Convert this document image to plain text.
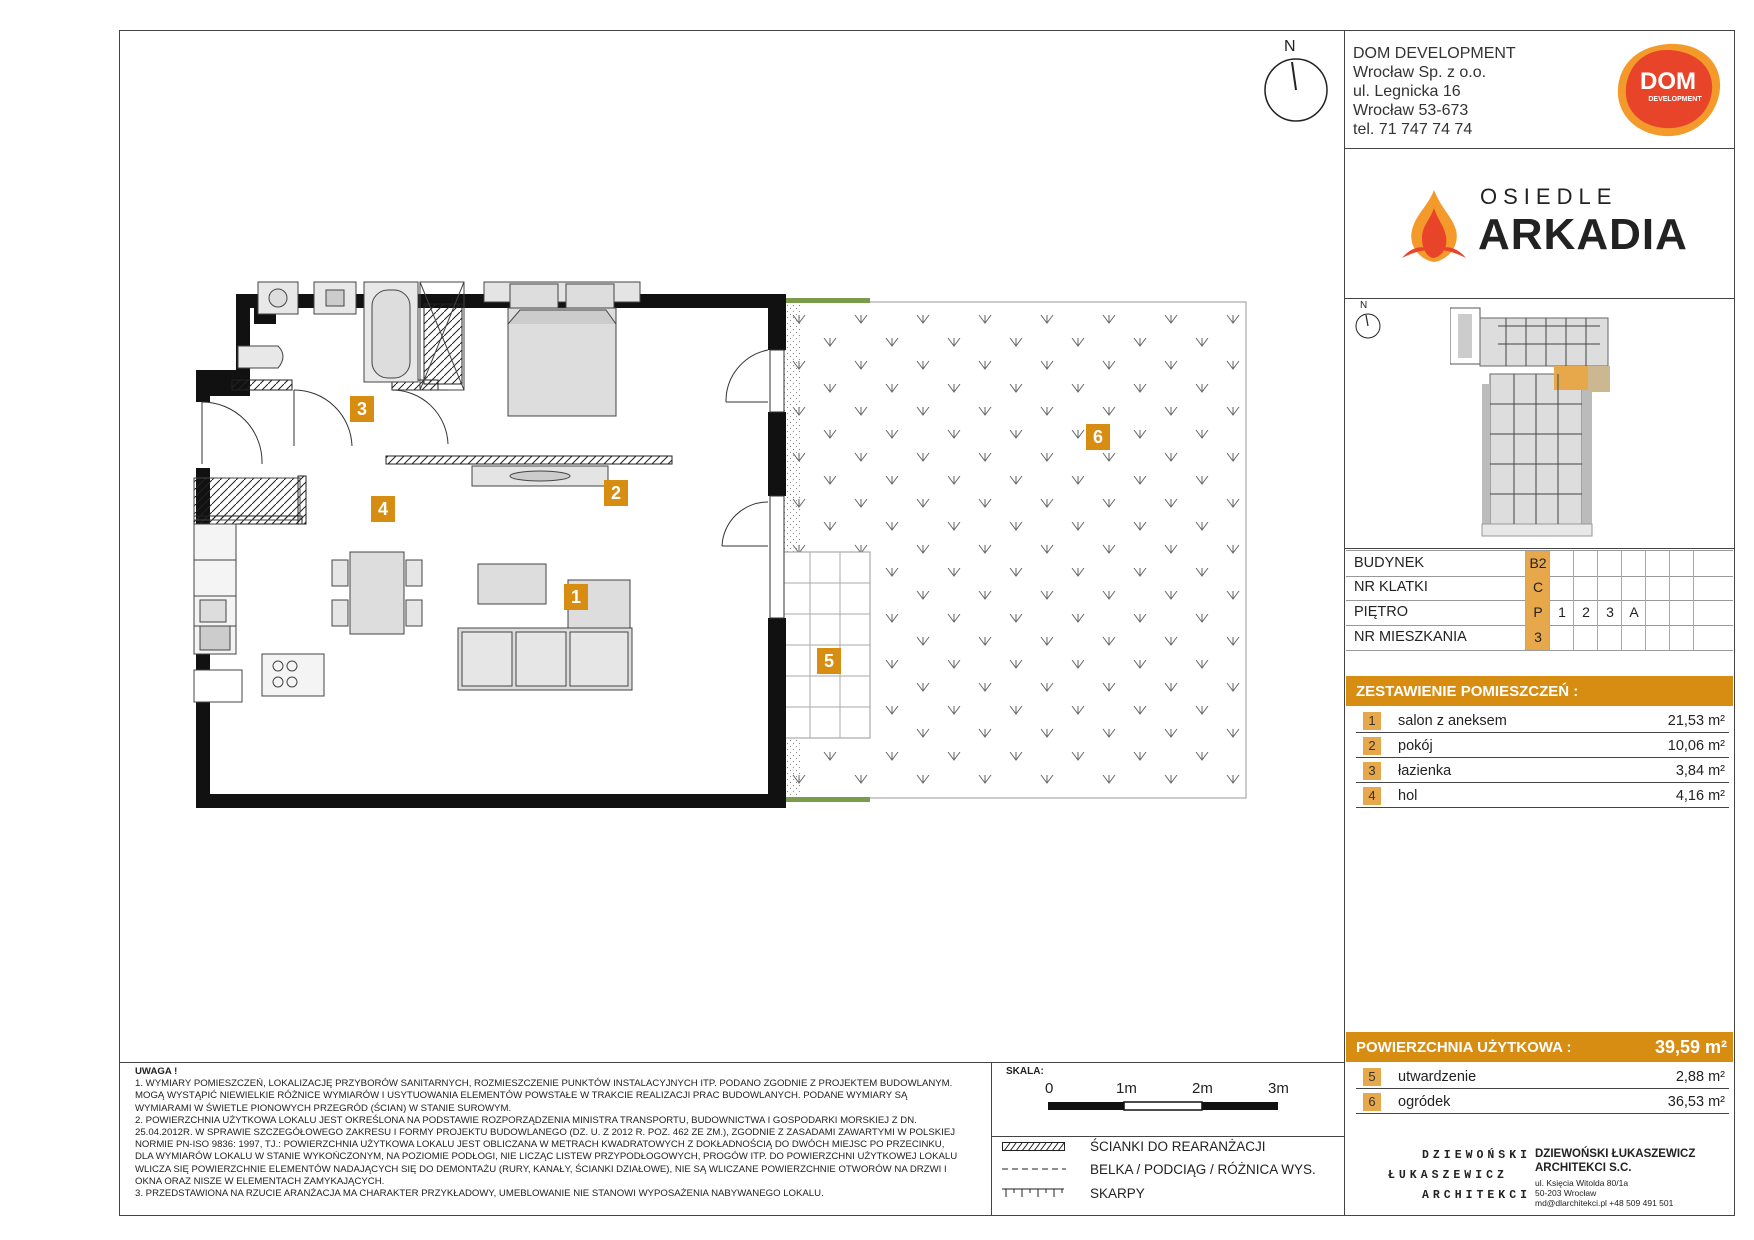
DOM DEVELOPMENT
Wrocław Sp. z o.o.
ul. Legnicka 16
Wrocław 53-673
tel. 71 747 74 74
DOM
DEVELOPMENT
OSIEDLE
ARKADIA
N
N
BUDYNEK	B2
NR KLATKI	C
PIĘTRO	P	1	2	3	A
NR MIESZKANIA	3
ZESTAWIENIE POMIESZCZEŃ :
1	salon z aneksem	21,53 m²
2	pokój	10,06 m²
3	łazienka	3,84 m²
4	hol	4,16 m²
POWIERZCHNIA UŻYTKOWA :	39,59 m²
5	utwardzenie	2,88 m²
6	ogródek	36,53 m²
DZIEWOŃSKI
ŁUKASZEWICZ
ARCHITEKCI
DZIEWOŃSKI ŁUKASZEWICZ
ARCHITEKCI S.C.
ul. Księcia Witolda 80/1a
50-203 Wrocław
md@dlarchitekci.pl +48 509 491 501
UWAGA !
1. WYMIARY POMIESZCZEŃ, LOKALIZACJĘ PRZYBORÓW SANITARNYCH, ROZMIESZCZENIE PUNKTÓW INSTALACYJNYCH ITP. PODANO ZGODNIE Z PROJEKTEM BUDOWLANYM. MOGĄ WYSTĄPIĆ NIEWIELKIE RÓŻNICE WYMIARÓW I USYTUOWANIA ELEMENTÓW POWSTAŁE W TRAKCIE REALIZACJI PRAC BUDOWLANYCH. PODANE WYMIARY SĄ WYMIARAMI W ŚWIETLE PIONOWYCH PRZEGRÓD (ŚCIAN) W STANIE SUROWYM.
2. POWIERZCHNIA UŻYTKOWA LOKALU JEST OKREŚLONA NA PODSTAWIE ROZPORZĄDZENIA MINISTRA TRANSPORTU, BUDOWNICTWA I GOSPODARKI MORSKIEJ Z DN. 25.04.2012R. W SPRAWIE SZCZEGÓŁOWEGO ZAKRESU I FORMY PROJEKTU BUDOWLANEGO (DZ. U. Z 2012 R. POZ. 462 ZE ZM.), ZGODNIE Z ZASADAMI ZAWARTYMI W POLSKIEJ NORMIE PN-ISO 9836: 1997, TJ.: POWIERZCHNIA UŻYTKOWA LOKALU JEST OBLICZANA W METRACH KWADRATOWYCH Z DOKŁADNOŚCIĄ DO DWÓCH MIEJSC PO PRZECINKU, DLA WYMIARÓW LOKALU W STANIE WYKOŃCZONYM, NA POZIOMIE PODŁOGI, NIE LICZĄC LISTEW PRZYPODŁOGOWYCH, PROGÓW ITP. DO POWIERZCHNI UŻYTKOWEJ LOKALU WLICZA SIĘ POWIERZCHNIE ELEMENTÓW NADAJĄCYCH SIĘ DO DEMONTAŻU (RURY, KANAŁY, ŚCIANKI DZIAŁOWE), NIE SĄ WLICZANE POWIERZCHNIE OTWORÓW NA DRZWI I OKNA ORAZ NISZE W ELEMENTACH ZAMYKAJĄCYCH.
3. PRZEDSTAWIONA NA RZUCIE ARANŻACJA MA CHARAKTER PRZYKŁADOWY, UMEBLOWANIE NIE STANOWI WYPOSAŻENIA NABYWANEGO LOKALU.
SKALA:
0	1m	2m	3m
ŚCIANKI DO REARANŻACJI
BELKA / PODCIĄG / RÓŻNICA WYS.
SKARPY
1
2
3
4
5
6
